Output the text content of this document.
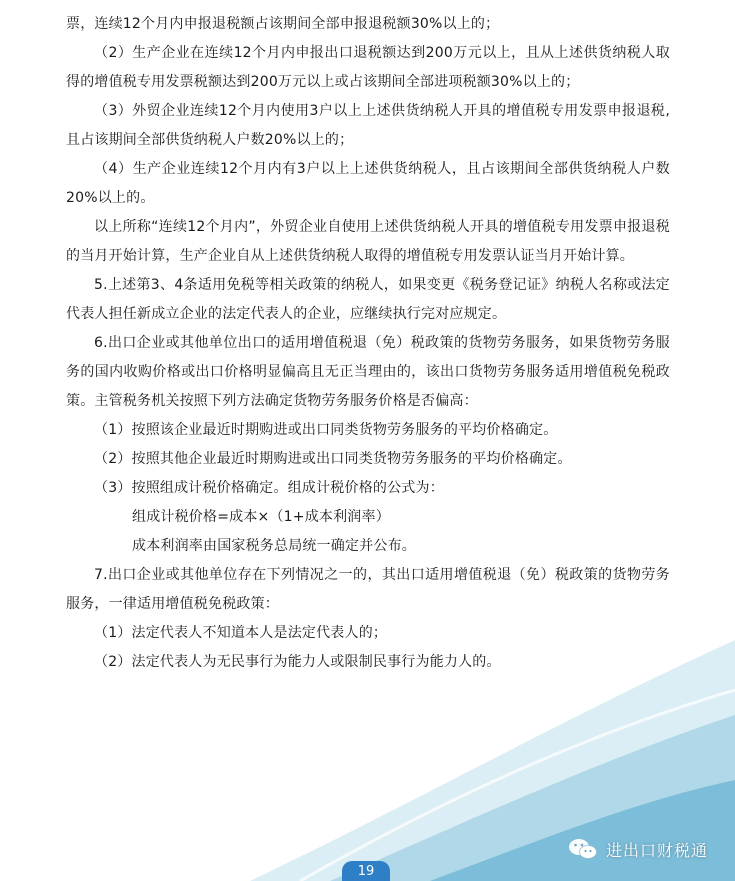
票，连续12个月内申报退税额占该期间全部申报退税额30%以上的；

（2）生产企业在连续12个月内申报出口退税额达到200万元以上，且从上述供货纳税人取得的增值税专用发票税额达到200万元以上或占该期间全部进项税额30%以上的；

（3）外贸企业连续12个月内使用3户以上上述供货纳税人开具的增值税专用发票申报退税,且占该期间全部供货纳税人户数20%以上的；

（4）生产企业连续12个月内有3户以上上述供货纳税人，且占该期间全部供货纳税人户数20%以上的。

以上所称“连续12个月内”，外贸企业自使用上述供货纳税人开具的增值税专用发票申报退税的当月开始计算，生产企业自从上述供货纳税人取得的增值税专用发票认证当月开始计算。

5.上述第3、4条适用免税等相关政策的纳税人，如果变更《税务登记证》纳税人名称或法定代表人担任新成立企业的法定代表人的企业，应继续执行完对应规定。

6.出口企业或其他单位出口的适用增值税退（免）税政策的货物劳务服务，如果货物劳务服务的国内收购价格或出口价格明显偏高且无正当理由的，该出口货物劳务服务适用增值税免税政策。主管税务机关按照下列方法确定货物劳务服务价格是否偏高：

（1）按照该企业最近时期购进或出口同类货物劳务服务的平均价格确定。

（2）按照其他企业最近时期购进或出口同类货物劳务服务的平均价格确定。

（3）按照组成计税价格确定。组成计税价格的公式为：

组成计税价格=成本×（1+成本利润率）

成本利润率由国家税务总局统一确定并公布。

7.出口企业或其他单位存在下列情况之一的，其出口适用增值税退（免）税政策的货物劳务服务，一律适用增值税免税政策：

（1）法定代表人不知道本人是法定代表人的；

（2）法定代表人为无民事行为能力人或限制民事行为能力人的。

进出口财税通
19
